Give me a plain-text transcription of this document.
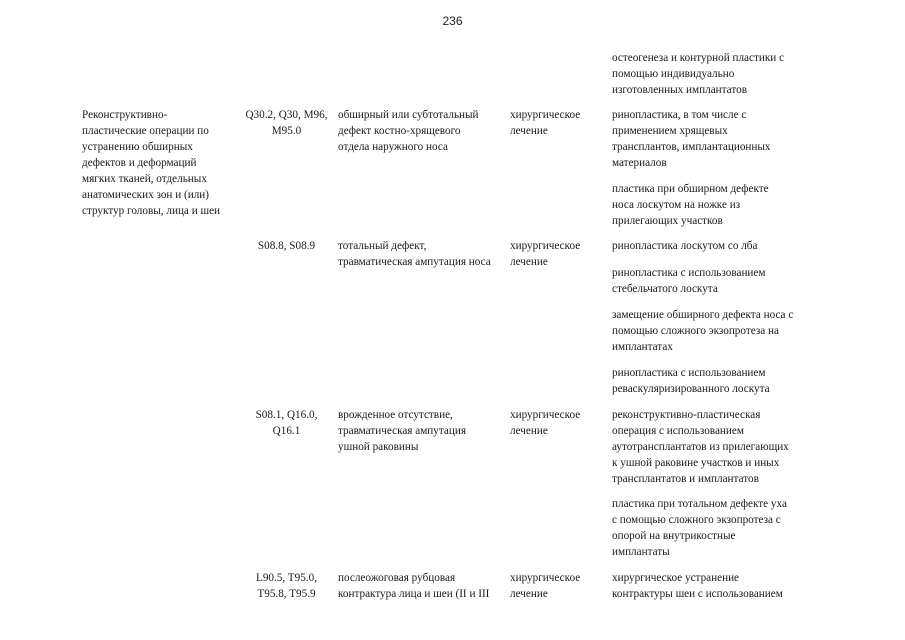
236
остеогенеза и контурной пластики с
помощью индивидуально
изготовленных имплантатов
Реконструктивно-
пластические операции по
устранению обширных
дефектов и деформаций
мягких тканей, отдельных
анатомических зон и (или)
структур головы, лица и шеи
Q30.2, Q30, M96,
M95.0
обширный или субтотальный
дефект костно-хрящевого
отдела наружного носа
хирургическое
лечение
ринопластика, в том числе с
применением хрящевых
трансплантов, имплантационных
материалов
пластика при обширном дефекте
носа лоскутом на ножке из
прилегающих участков
S08.8, S08.9	тотальный дефект,
травматическая ампутация носа
хирургическое
лечение
ринопластика лоскутом со лба
ринопластика с использованием
стебельчатого лоскута
замещение обширного дефекта носа с
помощью сложного экзопротеза на
имплантатах
ринопластика с использованием
реваскуляризированного лоскута
S08.1, Q16.0,
Q16.1
врожденное отсутствие,
травматическая ампутация
ушной раковины
хирургическое
лечение
реконструктивно-пластическая
операция с использованием
аутотрансплантатов из прилегающих
к ушной раковине участков и иных
трансплантатов и имплантатов
пластика при тотальном дефекте уха
с помощью сложного экзопротеза с
опорой на внутрикостные
имплантаты
L90.5, T95.0,
T95.8, T95.9
послеожоговая рубцовая
контрактура лица и шеи (II и III
хирургическое
лечение
хирургическое устранение
контрактуры шеи с использованием
